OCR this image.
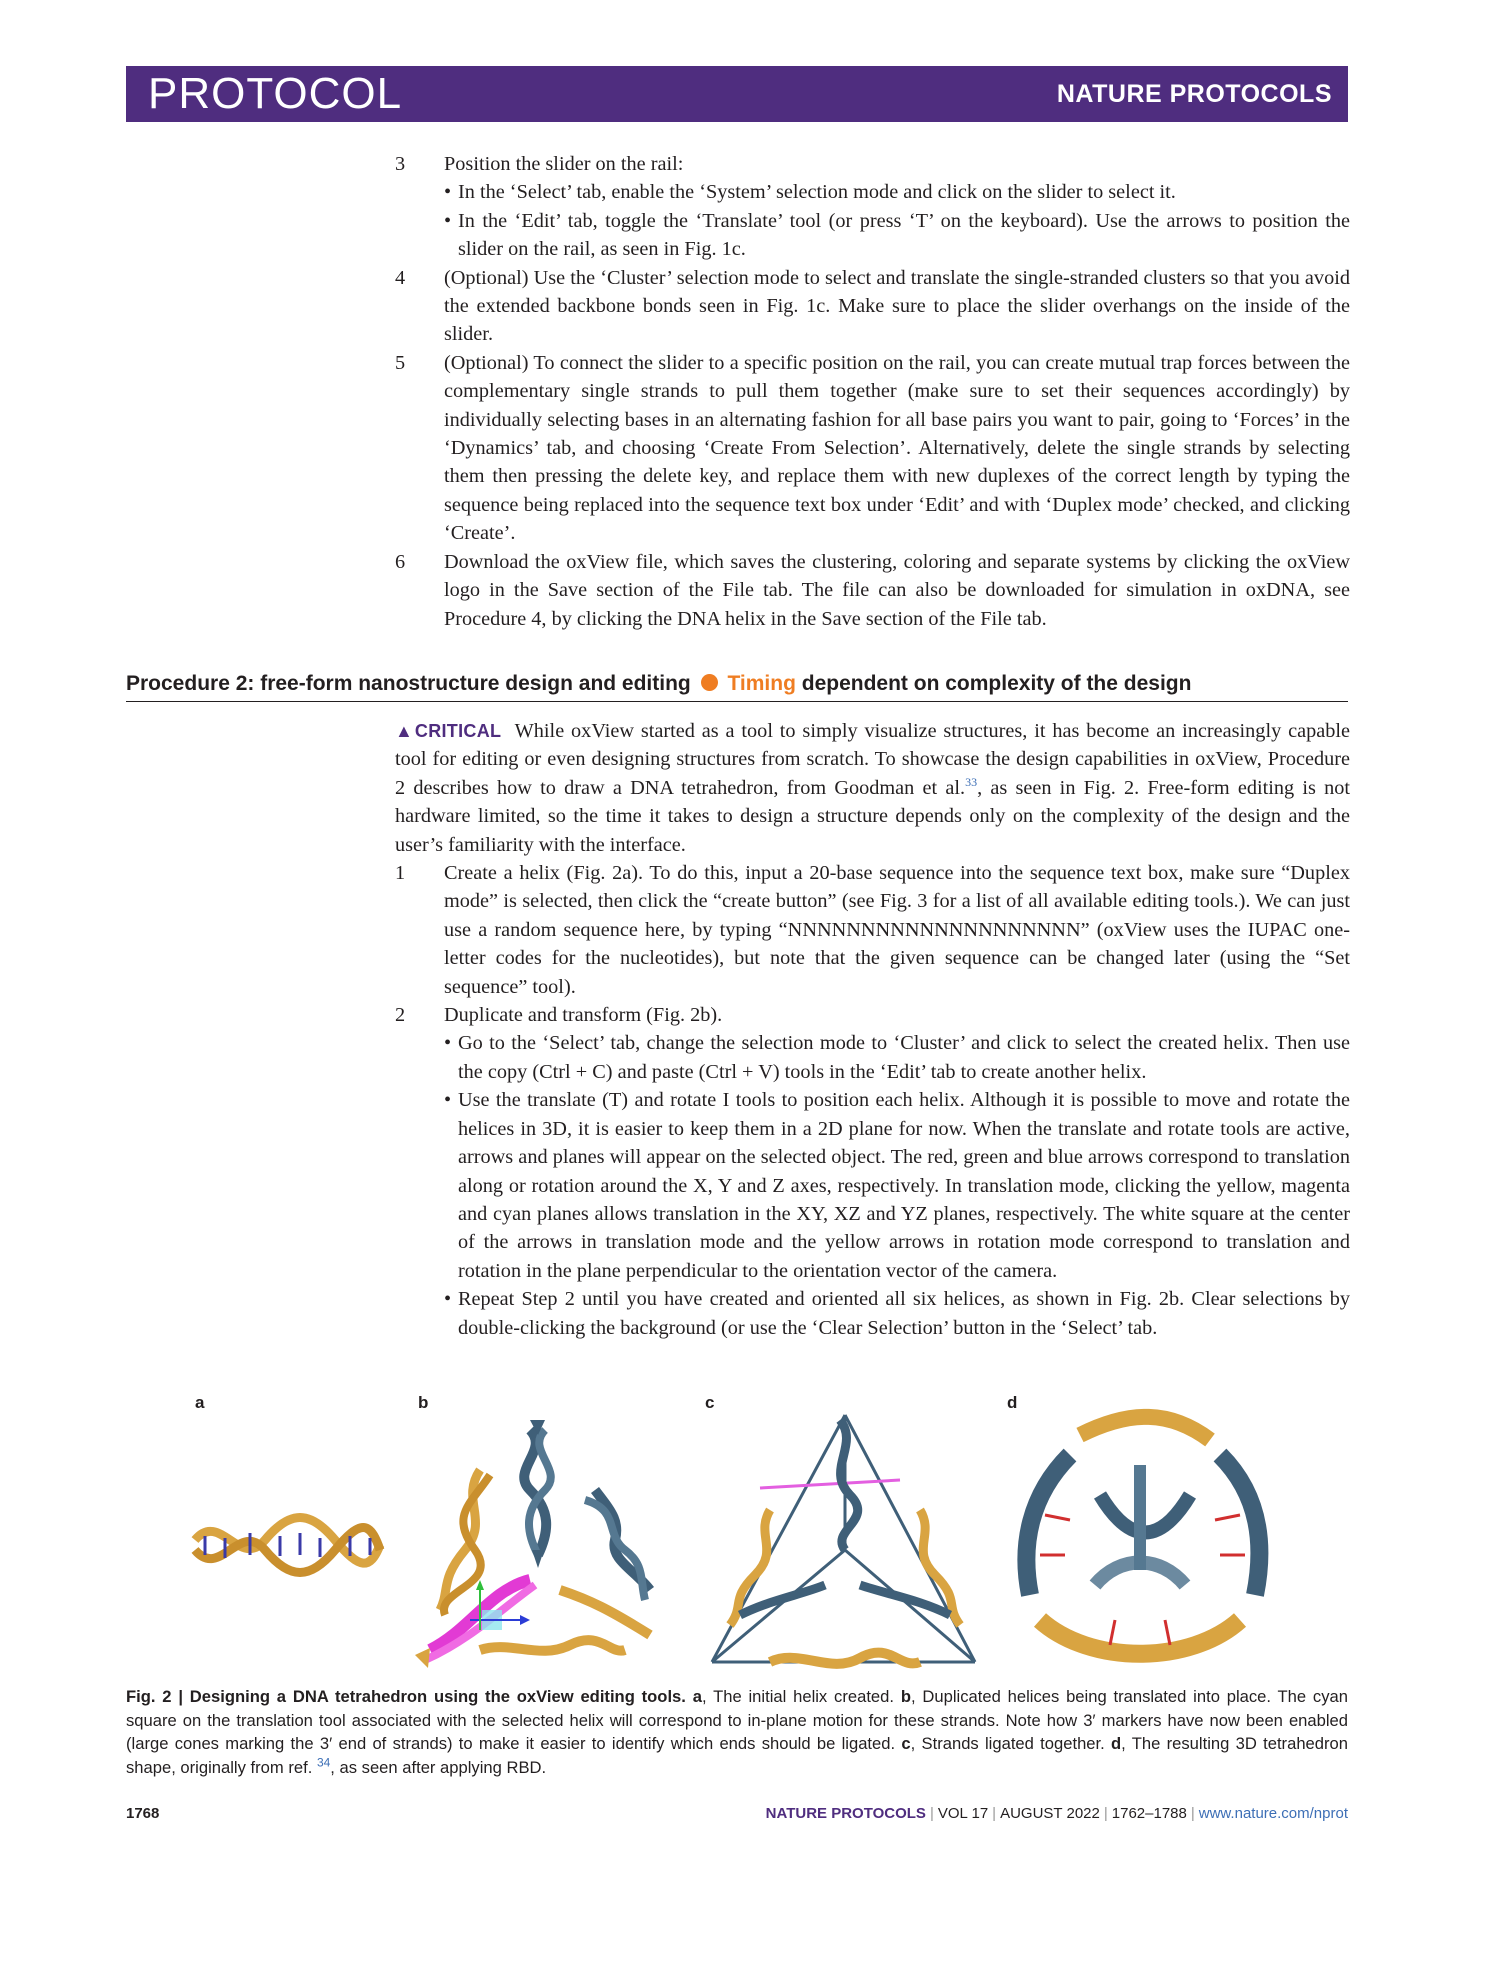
PROTOCOL	NATURE PROTOCOLS
3 Position the slider on the rail:
• In the ‘Select’ tab, enable the ‘System’ selection mode and click on the slider to select it.
• In the ‘Edit’ tab, toggle the ‘Translate’ tool (or press ‘T’ on the keyboard). Use the arrows to position the slider on the rail, as seen in Fig. 1c.
4 (Optional) Use the ‘Cluster’ selection mode to select and translate the single-stranded clusters so that you avoid the extended backbone bonds seen in Fig. 1c. Make sure to place the slider overhangs on the inside of the slider.
5 (Optional) To connect the slider to a specific position on the rail, you can create mutual trap forces between the complementary single strands to pull them together (make sure to set their sequences accordingly) by individually selecting bases in an alternating fashion for all base pairs you want to pair, going to ‘Forces’ in the ‘Dynamics’ tab, and choosing ‘Create From Selection’. Alternatively, delete the single strands by selecting them then pressing the delete key, and replace them with new duplexes of the correct length by typing the sequence being replaced into the sequence text box under ‘Edit’ and with ‘Duplex mode’ checked, and clicking ‘Create’.
6 Download the oxView file, which saves the clustering, coloring and separate systems by clicking the oxView logo in the Save section of the File tab. The file can also be downloaded for simulation in oxDNA, see Procedure 4, by clicking the DNA helix in the Save section of the File tab.
Procedure 2: free-form nanostructure design and editing Timing dependent on complexity of the design
▲CRITICAL While oxView started as a tool to simply visualize structures, it has become an increasingly capable tool for editing or even designing structures from scratch. To showcase the design capabilities in oxView, Procedure 2 describes how to draw a DNA tetrahedron, from Goodman et al.$^{33}$, as seen in Fig. 2. Free-form editing is not hardware limited, so the time it takes to design a structure depends only on the complexity of the design and the user’s familiarity with the interface.
1 Create a helix (Fig. 2a). To do this, input a 20-base sequence into the sequence text box, make sure “Duplex mode” is selected, then click the “create button” (see Fig. 3 for a list of all available editing tools.). We can just use a random sequence here, by typing “NNNNNNNNNNNNNNNNNNNN” (oxView uses the IUPAC one-letter codes for the nucleotides), but note that the given sequence can be changed later (using the “Set sequence” tool).
2 Duplicate and transform (Fig. 2b).
• Go to the ‘Select’ tab, change the selection mode to ‘Cluster’ and click to select the created helix. Then use the copy (Ctrl + C) and paste (Ctrl + V) tools in the ‘Edit’ tab to create another helix.
• Use the translate (T) and rotate I tools to position each helix. Although it is possible to move and rotate the helices in 3D, it is easier to keep them in a 2D plane for now. When the translate and rotate tools are active, arrows and planes will appear on the selected object. The red, green and blue arrows correspond to translation along or rotation around the X, Y and Z axes, respectively. In translation mode, clicking the yellow, magenta and cyan planes allows translation in the XY, XZ and YZ planes, respectively. The white square at the center of the arrows in translation mode and the yellow arrows in rotation mode correspond to translation and rotation in the plane perpendicular to the orientation vector of the camera.
• Repeat Step 2 until you have created and oriented all six helices, as shown in Fig. 2b. Clear selections by double-clicking the background (or use the ‘Clear Selection’ button in the ‘Select’ tab.
a	b	c	d
Fig. 2 | Designing a DNA tetrahedron using the oxView editing tools. a, The initial helix created. b, Duplicated helices being translated into place. The cyan square on the translation tool associated with the selected helix will correspond to in-plane motion for these strands. Note how 3′ markers have now been enabled (large cones marking the 3′ end of strands) to make it easier to identify which ends should be ligated. c, Strands ligated together. d, The resulting 3D tetrahedron shape, originally from ref. $^{34}$, as seen after applying RBD.
1768	NATURE PROTOCOLS | VOL 17 | AUGUST 2022 | 1762–1788 | www.nature.com/nprot
